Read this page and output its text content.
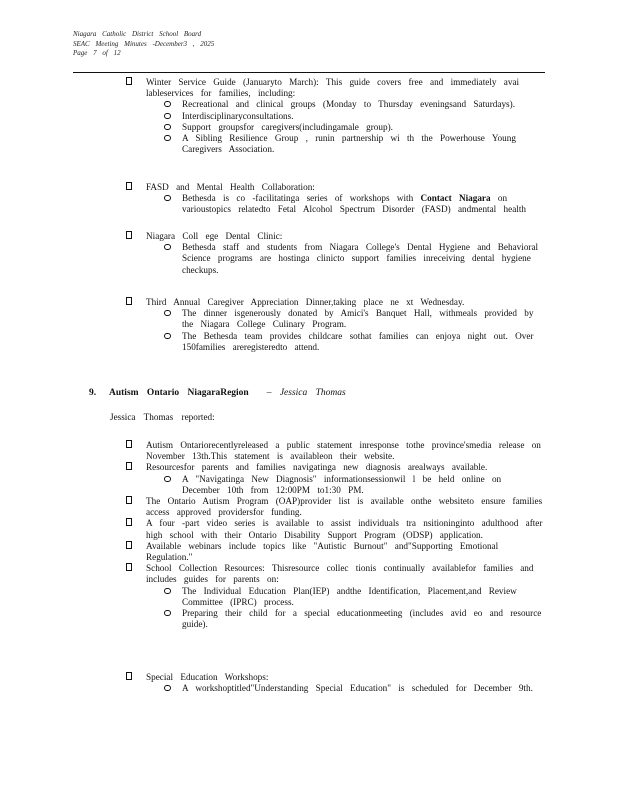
Niagara Catholic District School Board
SEAC Meeting Minutes -December3 , 2025
Page 7 of 12
Winter Service Guide (Januaryto March): This guide covers free and immediately avai lableservices for families, including:
Recreational and clinical groups (Monday to Thursday eveningsand Saturdays).
Interdisciplinaryconsultations.
Support groupsfor caregivers(includingamale group).
A Sibling Resilience Group , runin partnership wi th the Powerhouse Young Caregivers Association.
FASD and Mental Health Collaboration:
Bethesda is co -facilitatinga series of workshops with Contact Niagara on varioustopics relatedto Fetal Alcohol Spectrum Disorder (FASD) andmental health
Niagara Coll ege Dental Clinic:
Bethesda staff and students from Niagara College's Dental Hygiene and Behavioral Science programs are hostinga clinicto support families inreceiving dental hygiene checkups.
Third Annual Caregiver Appreciation Dinner,taking place ne xt Wednesday.
The dinner isgenerously donated by Amici's Banquet Hall, withmeals provided by the Niagara College Culinary Program.
The Bethesda team provides childcare sothat families can enjoya night out. Over 150families areregisteredto attend.
9. Autism Ontario NiagaraRegion – Jessica Thomas
Jessica Thomas reported:
Autism Ontariorecentlyreleased a public statement inresponse tothe province'smedia release on November 13th.This statement is availableon their website.
Resourcesfor parents and families navigatinga new diagnosis arealways available.
A "Navigatinga New Diagnosis" informationsessionwil l be held online on December 10th from 12:00PM to1:30 PM.
The Ontario Autism Program (OAP)provider list is available onthe websiteto ensure families access approved providersfor funding.
A four -part video series is available to assist individuals tra nsitioninginto adulthood after high school with their Ontario Disability Support Program (ODSP) application.
Available webinars include topics like "Autistic Burnout" and"Supporting Emotional Regulation."
School Collection Resources: Thisresource collec tionis continually availablefor families and includes guides for parents on:
The Individual Education Plan(IEP) andthe Identification, Placement,and Review Committee (IPRC) process.
Preparing their child for a special educationmeeting (includes avid eo and resource guide).
Special Education Workshops:
A workshoptitled"Understanding Special Education" is scheduled for December 9th.
